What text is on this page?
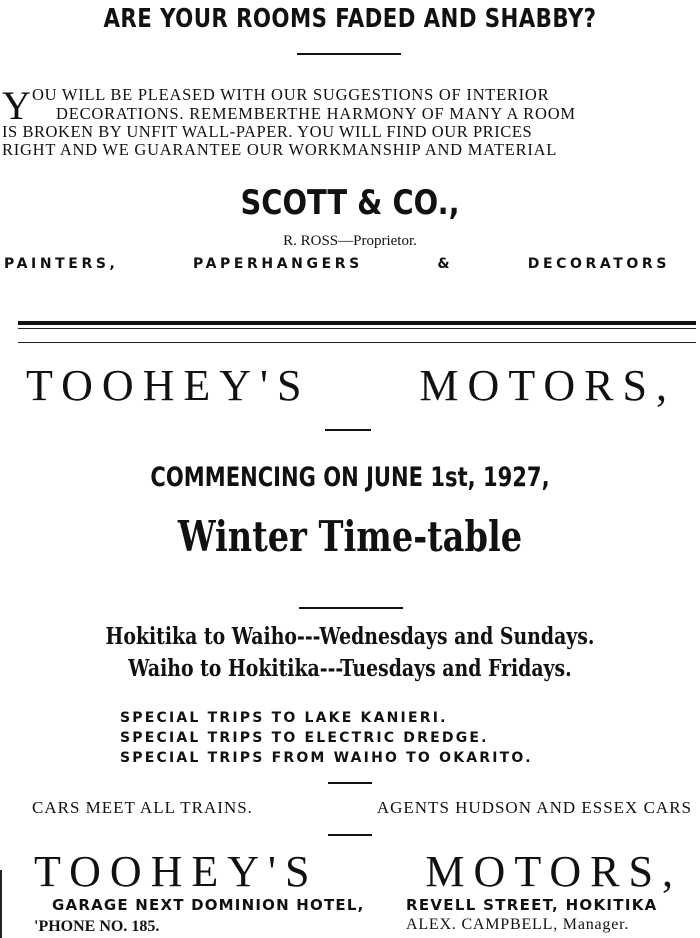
ARE YOUR ROOMS FADED AND SHABBY?
Y OU WILL BE PLEASED WITH OUR SUGGESTIONS OF INTERIOR
DECORATIONS. REMEMBERTHE HARMONY OF MANY A ROOM
IS BROKEN BY UNFIT WALL-PAPER. YOU WILL FIND OUR PRICES
RIGHT AND WE GUARANTEE OUR WORKMANSHIP AND MATERIAL
SCOTT & CO.,
R. ROSS—Proprietor.
PAINTERS,	PAPERHANGERS	&	DECORATORS
TOOHEY'S MOTORS,
COMMENCING ON JUNE 1st, 1927,
Winter Time-table
Hokitika to Waiho---Wednesdays and Sundays.
Waiho to Hokitika---Tuesdays and Fridays.
SPECIAL TRIPS TO LAKE KANIERI.
SPECIAL TRIPS TO ELECTRIC DREDGE.
SPECIAL TRIPS FROM WAIHO TO OKARITO.
CARS MEET ALL TRAINS.	AGENTS HUDSON AND ESSEX CARS
TOOHEY'S MOTORS,
GARAGE NEXT DOMINION HOTEL,	REVELL STREET, HOKITIKA
'PHONE NO. 185.	ALEX. CAMPBELL, Manager.
